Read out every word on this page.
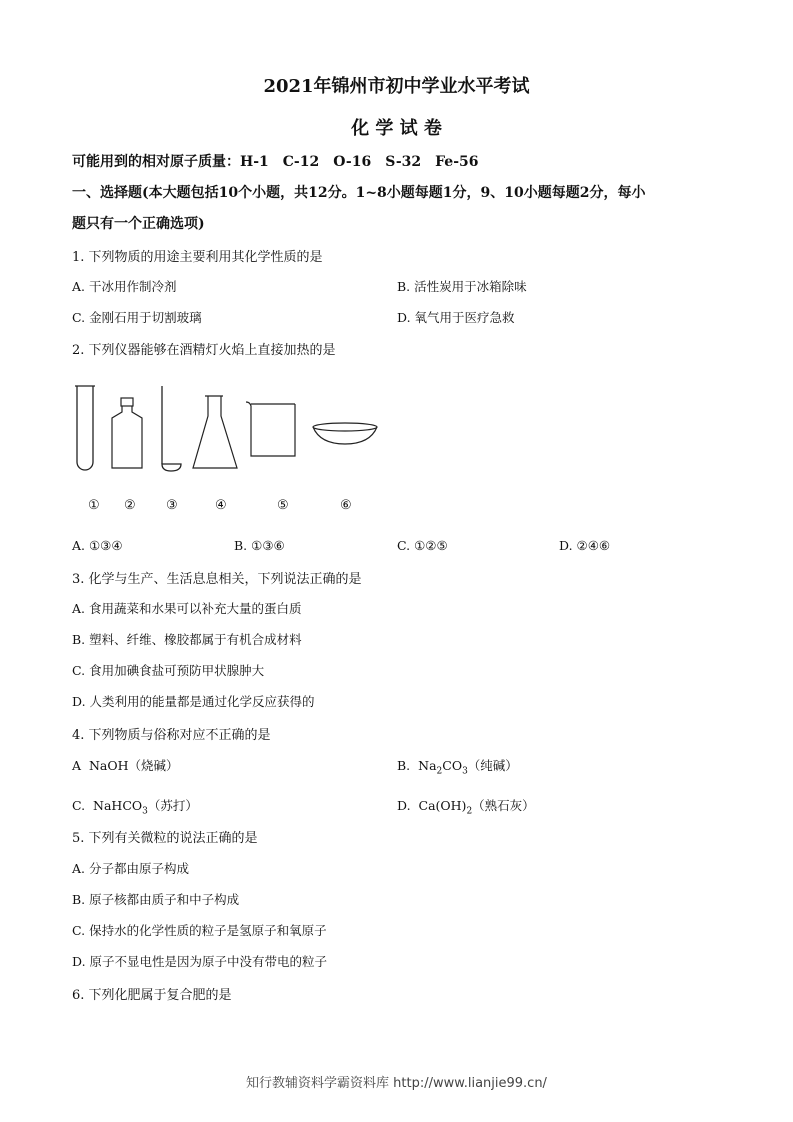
2021年锦州市初中学业水平考试
化 学 试 卷
可能用到的相对原子质量：H-1　C-12　O-16　S-32　Fe-56
一、选择题(本大题包括10个小题，共12分。1~8小题每题1分，9、10小题每题2分，每小
题只有一个正确选项)
1. 下列物质的用途主要利用其化学性质的是
A. 干冰用作制冷剂	B. 活性炭用于冰箱除味
C. 金刚石用于切割玻璃	D. 氧气用于医疗急救
2. 下列仪器能够在酒精灯火焰上直接加热的是
① ② ③	④	⑤	⑥
A. ①③④	B. ①③⑥	C. ①②⑤	D. ②④⑥
3. 化学与生产、生活息息相关，下列说法正确的是
A. 食用蔬菜和水果可以补充大量的蛋白质
B. 塑料、纤维、橡胶都属于有机合成材料
C. 食用加碘食盐可预防甲状腺肿大
D. 人类利用的能量都是通过化学反应获得的
4. 下列物质与俗称对应不正确的是
A NaOH（烧碱）	B. $Na_2CO_3$（纯碱）
C. NaHCO$_3$（苏打）	D. $Ca(OH)_2$（熟石灰）
5. 下列有关微粒的说法正确的是
A. 分子都由原子构成
B. 原子核都由质子和中子构成
C. 保持水的化学性质的粒子是氢原子和氧原子
D. 原子不显电性是因为原子中没有带电的粒子
6. 下列化肥属于复合肥的是
知行教辅资料学霸资料库 http://www.lianjie99.cn/
